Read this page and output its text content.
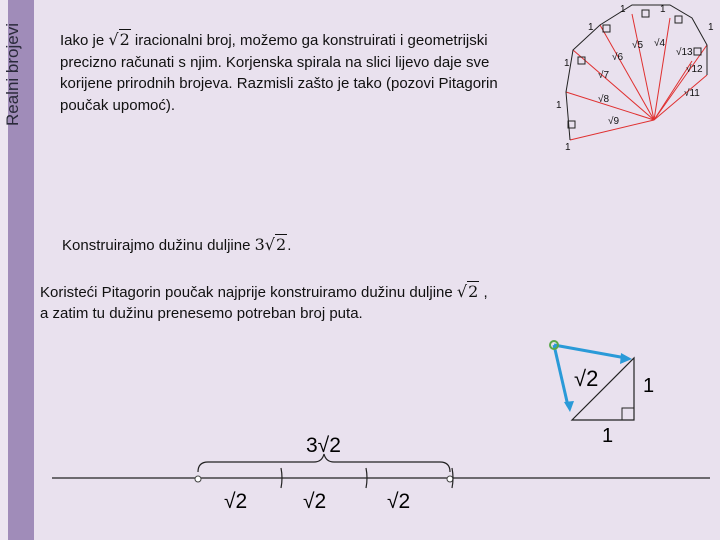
Realni brojevi	Iako je √2 iracionalni broj, možemo ga konstruirati i geometrijski precizno računati s njim. Korjenska spirala na slici lijevo daje sve korijene prirodnih brojeva. Razmisli zašto je tako (pozovi Pitagorin poučak upomoć).
Konstruirajmo dužinu duljine 3√2.
Koristeći Pitagorin poučak najprije konstruiramo dužinu duljine √2 ,
a zatim tu dužinu prenesemo potreban broj puta.
1	1
1
1
1
1
1
√13
√12
√11
√5 √4
√6
√7
√8
√9
√2 1
1
3√2
√2	√2	√2
